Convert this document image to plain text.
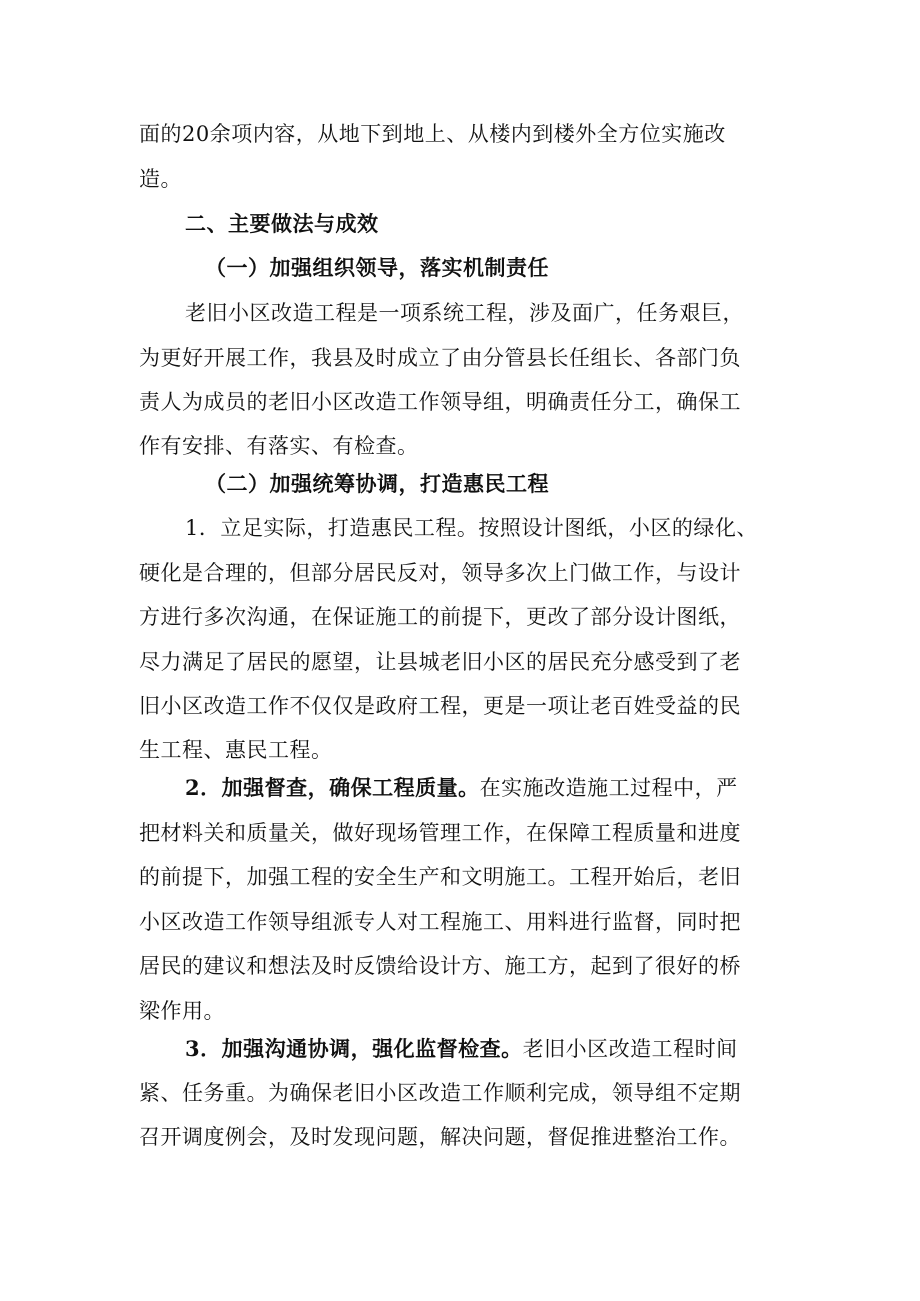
面的20余项内容，从地下到地上、从楼内到楼外全方位实施改
造。
二、主要做法与成效
（一）加强组织领导，落实机制责任
老旧小区改造工程是一项系统工程，涉及面广，任务艰巨，
为更好开展工作，我县及时成立了由分管县长任组长、各部门负
责人为成员的老旧小区改造工作领导组，明确责任分工，确保工
作有安排、有落实、有检查。
（二）加强统筹协调，打造惠民工程
1．立足实际，打造惠民工程。按照设计图纸，小区的绿化、
硬化是合理的，但部分居民反对，领导多次上门做工作，与设计
方进行多次沟通，在保证施工的前提下，更改了部分设计图纸，
尽力满足了居民的愿望，让县城老旧小区的居民充分感受到了老
旧小区改造工作不仅仅是政府工程，更是一项让老百姓受益的民
生工程、惠民工程。
2．加强督查，确保工程质量。在实施改造施工过程中，严
把材料关和质量关，做好现场管理工作，在保障工程质量和进度
的前提下，加强工程的安全生产和文明施工。工程开始后，老旧
小区改造工作领导组派专人对工程施工、用料进行监督，同时把
居民的建议和想法及时反馈给设计方、施工方，起到了很好的桥
梁作用。
3．加强沟通协调，强化监督检查。老旧小区改造工程时间
紧、任务重。为确保老旧小区改造工作顺利完成，领导组不定期
召开调度例会，及时发现问题，解决问题，督促推进整治工作。
